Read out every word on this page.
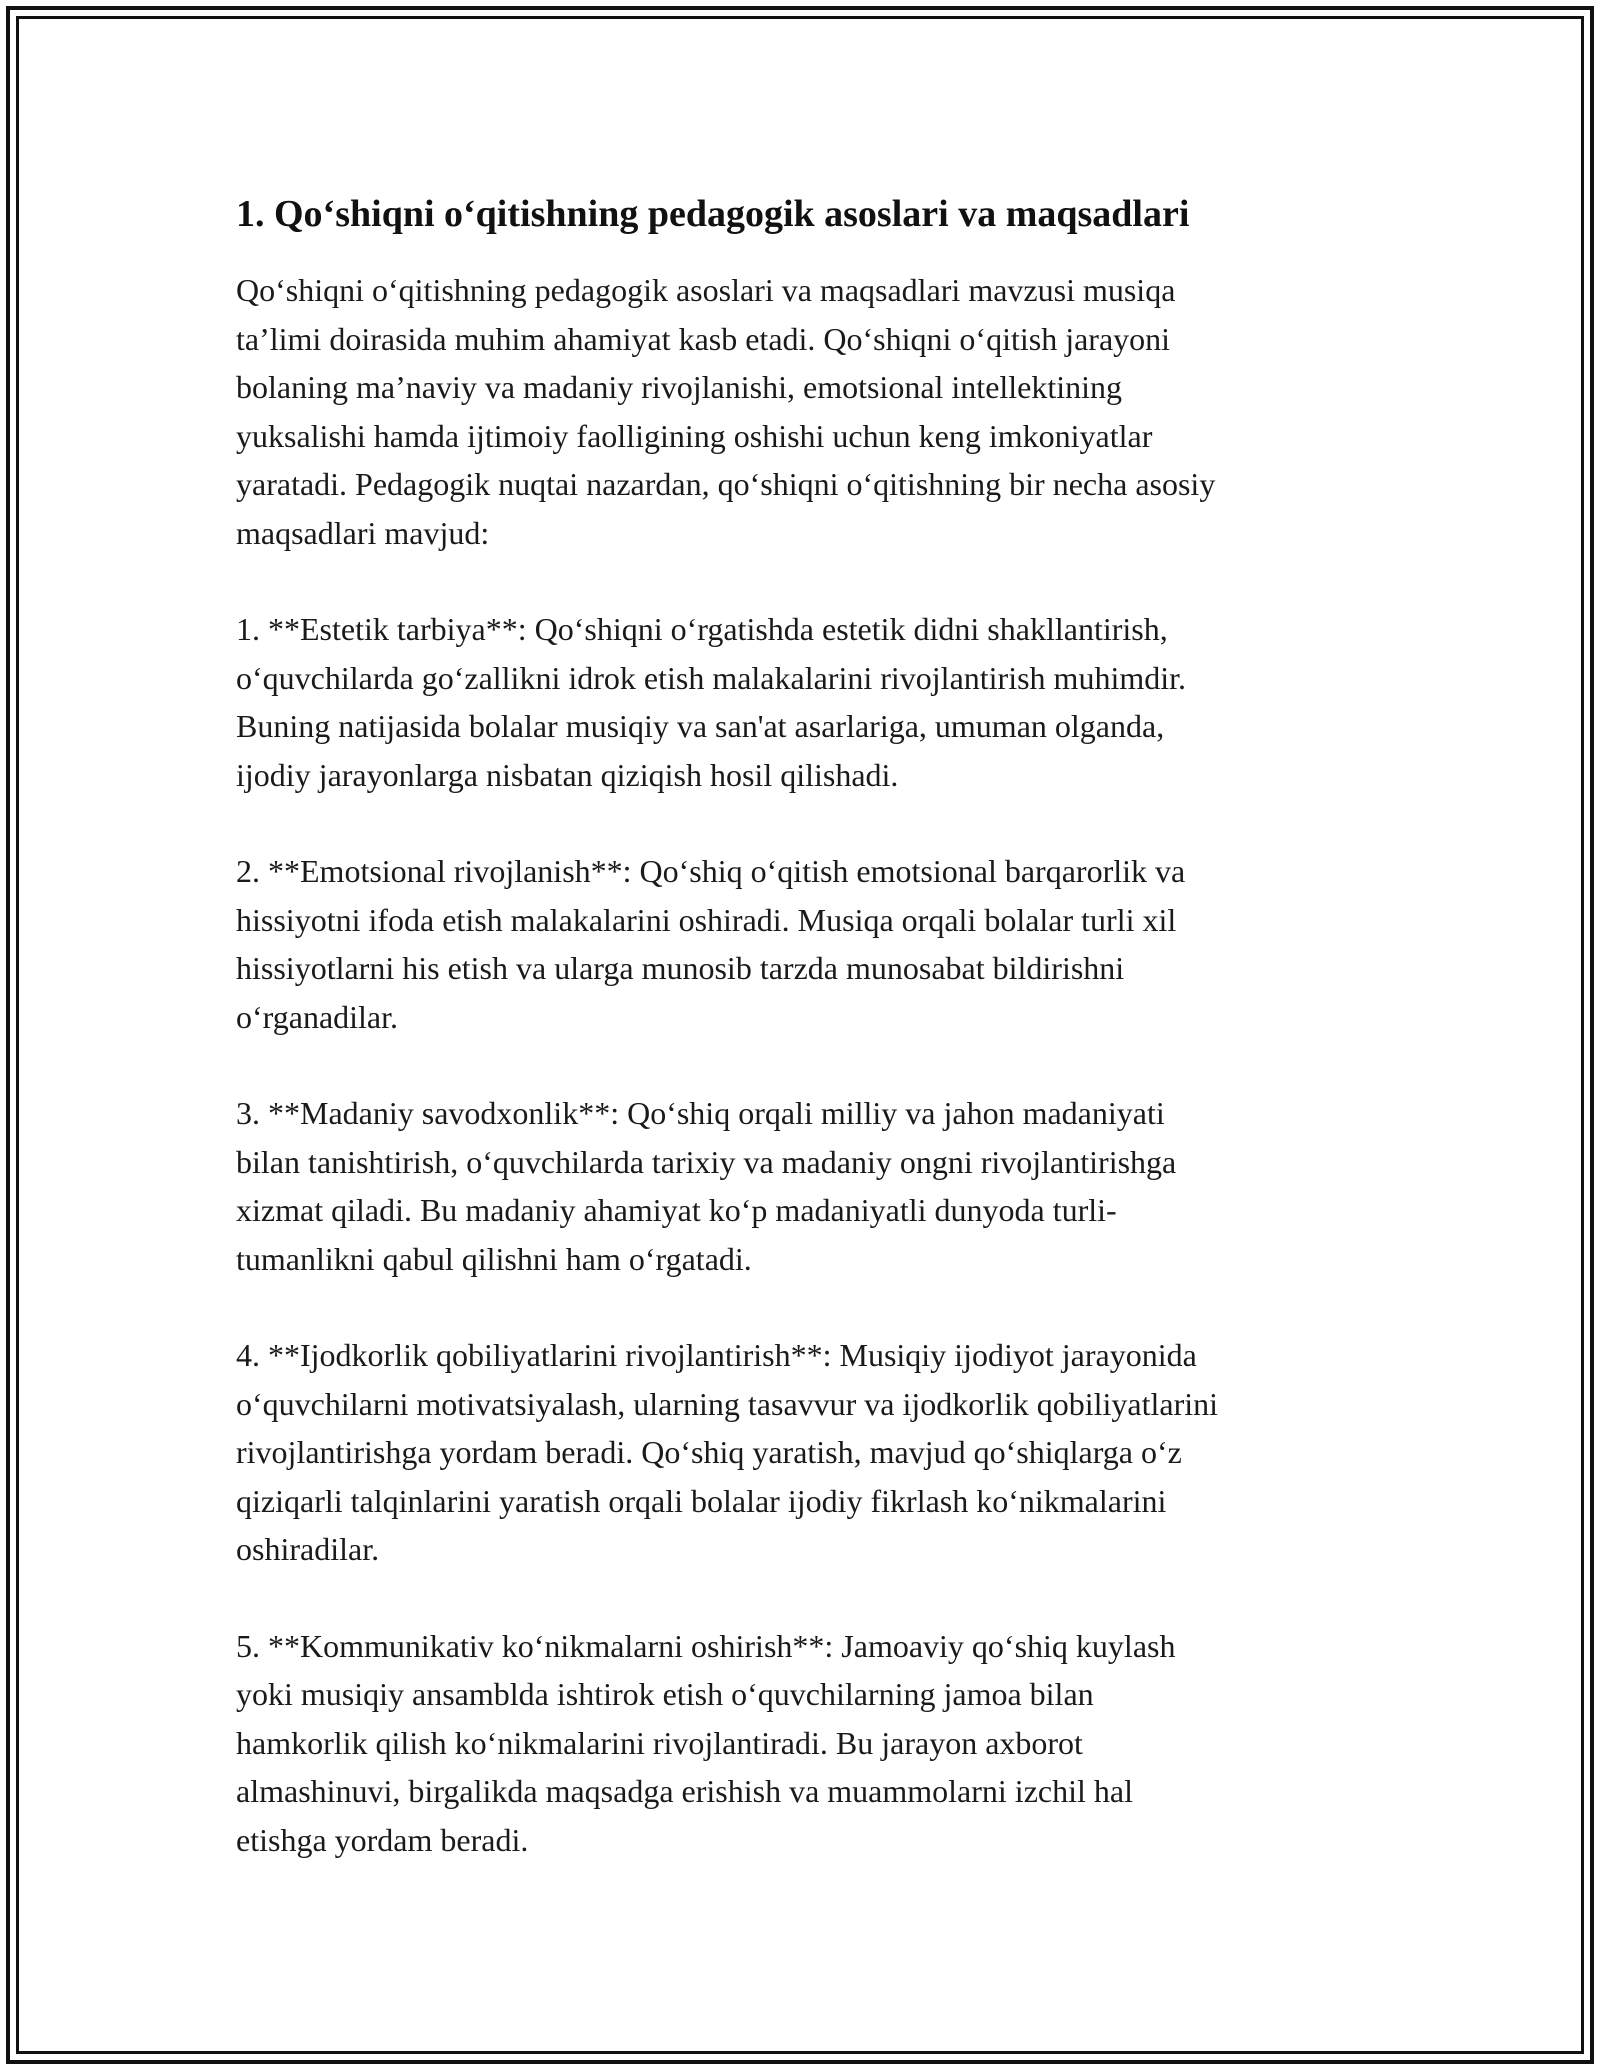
1. Qo‘shiqni o‘qitishning pedagogik asoslari va maqsadlari

Qo‘shiqni o‘qitishning pedagogik asoslari va maqsadlari mavzusi musiqa
ta’limi doirasida muhim ahamiyat kasb etadi. Qo‘shiqni o‘qitish jarayoni
bolaning ma’naviy va madaniy rivojlanishi, emotsional intellektining
yuksalishi hamda ijtimoiy faolligining oshishi uchun keng imkoniyatlar
yaratadi. Pedagogik nuqtai nazardan, qo‘shiqni o‘qitishning bir necha asosiy
maqsadlari mavjud:

1. **Estetik tarbiya**: Qo‘shiqni o‘rgatishda estetik didni shakllantirish,
o‘quvchilarda go‘zallikni idrok etish malakalarini rivojlantirish muhimdir.
Buning natijasida bolalar musiqiy va san'at asarlariga, umuman olganda,
ijodiy jarayonlarga nisbatan qiziqish hosil qilishadi.

2. **Emotsional rivojlanish**: Qo‘shiq o‘qitish emotsional barqarorlik va
hissiyotni ifoda etish malakalarini oshiradi. Musiqa orqali bolalar turli xil
hissiyotlarni his etish va ularga munosib tarzda munosabat bildirishni
o‘rganadilar.

3. **Madaniy savodxonlik**: Qo‘shiq orqali milliy va jahon madaniyati
bilan tanishtirish, o‘quvchilarda tarixiy va madaniy ongni rivojlantirishga
xizmat qiladi. Bu madaniy ahamiyat ko‘p madaniyatli dunyoda turli-
tumanlikni qabul qilishni ham o‘rgatadi.

4. **Ijodkorlik qobiliyatlarini rivojlantirish**: Musiqiy ijodiyot jarayonida
o‘quvchilarni motivatsiyalash, ularning tasavvur va ijodkorlik qobiliyatlarini
rivojlantirishga yordam beradi. Qo‘shiq yaratish, mavjud qo‘shiqlarga o‘z
qiziqarli talqinlarini yaratish orqali bolalar ijodiy fikrlash ko‘nikmalarini
oshiradilar.

5. **Kommunikativ ko‘nikmalarni oshirish**: Jamoaviy qo‘shiq kuylash
yoki musiqiy ansamblda ishtirok etish o‘quvchilarning jamoa bilan
hamkorlik qilish ko‘nikmalarini rivojlantiradi. Bu jarayon axborot
almashinuvi, birgalikda maqsadga erishish va muammolarni izchil hal
etishga yordam beradi.
